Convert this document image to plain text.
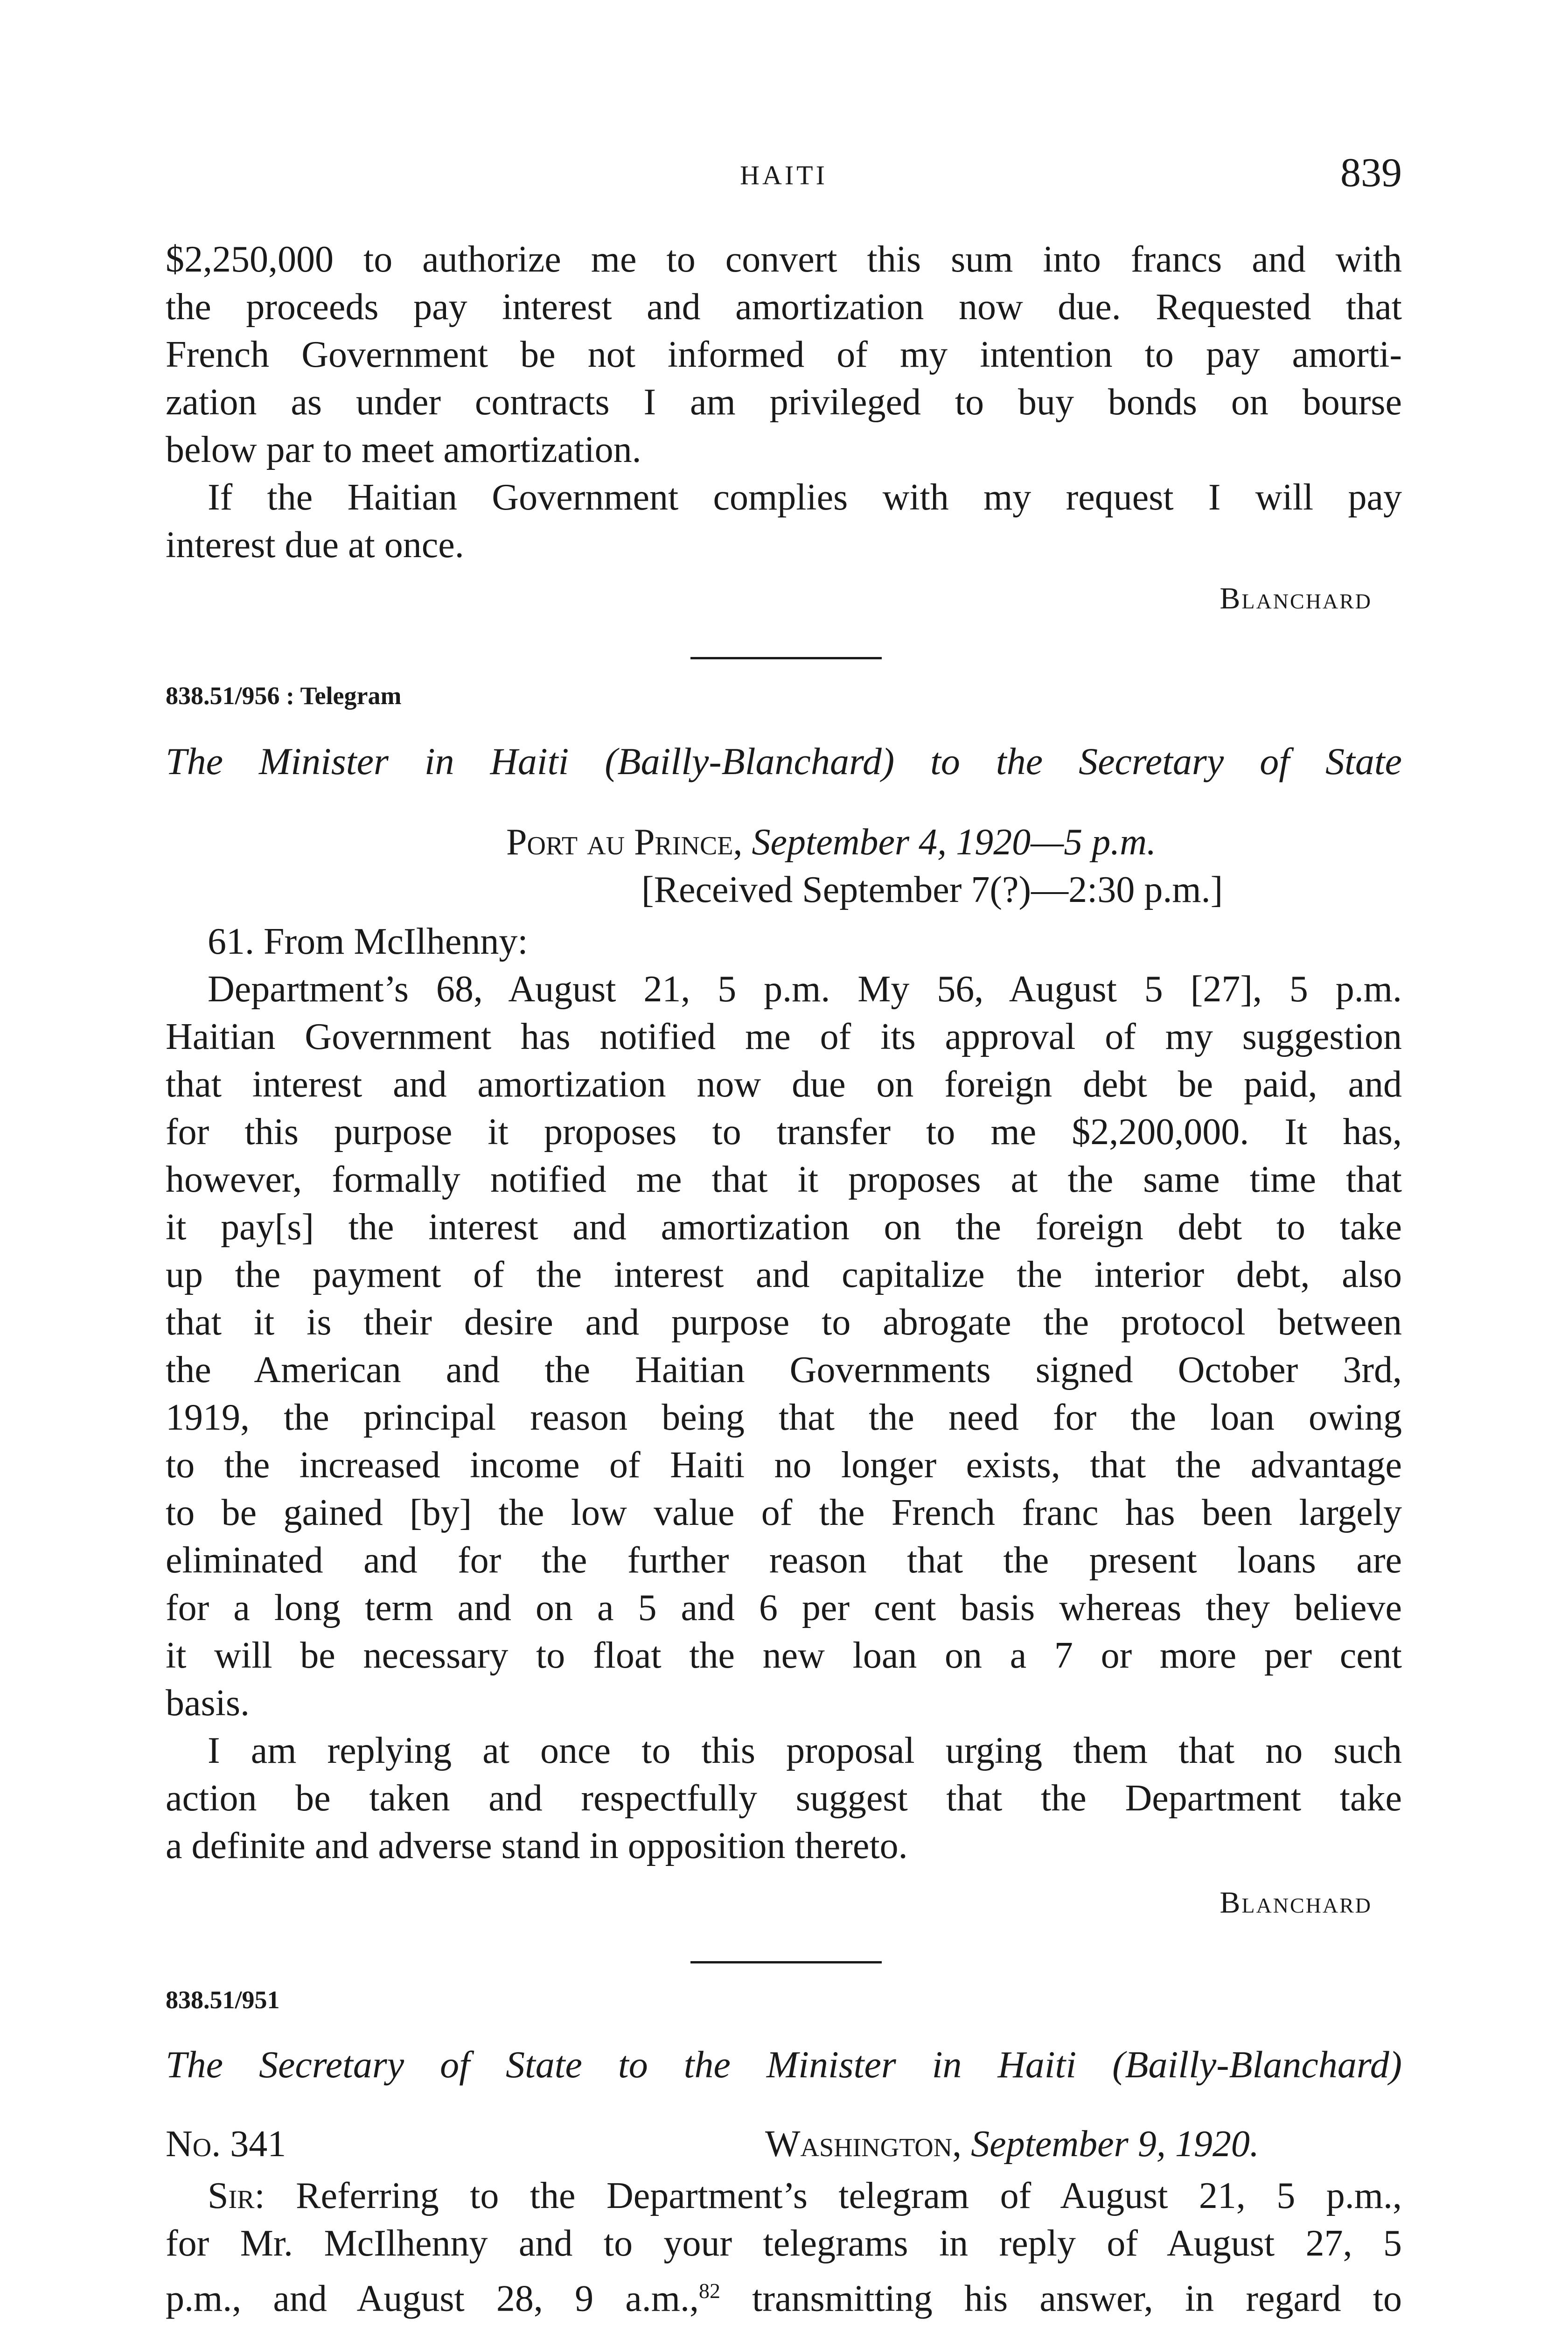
HAITI	839

$2,250,000 to authorize me to convert this sum into francs and with

the proceeds pay interest and amortization now due. Requested that

French Government be not informed of my intention to pay amorti-

zation as under contracts I am privileged to buy bonds on bourse

below par to meet amortization.

If the Haitian Government complies with my request I will pay

interest due at once.

Blanchard
838.51/956 : Telegram
The Minister in Haiti (Bailly-Blanchard) to the Secretary of State
Port au Prince, September 4, 1920—5 p.m.
[Received September 7(?)—2:30 p.m.]

61. From McIlhenny:

Department’s 68, August 21, 5 p.m. My 56, August 5 [27], 5 p.m.

Haitian Government has notified me of its approval of my suggestion

that interest and amortization now due on foreign debt be paid, and

for this purpose it proposes to transfer to me $2,200,000. It has,

however, formally notified me that it proposes at the same time that

it pay[s] the interest and amortization on the foreign debt to take

up the payment of the interest and capitalize the interior debt, also

that it is their desire and purpose to abrogate the protocol between

the American and the Haitian Governments signed October 3rd,

1919, the principal reason being that the need for the loan owing

to the increased income of Haiti no longer exists, that the advantage

to be gained [by] the low value of the French franc has been largely

eliminated and for the further reason that the present loans are

for a long term and on a 5 and 6 per cent basis whereas they believe

it will be necessary to float the new loan on a 7 or more per cent

basis.

I am replying at once to this proposal urging them that no such

action be taken and respectfully suggest that the Department take

a definite and adverse stand in opposition thereto.

Blanchard
838.51/951
The Secretary of State to the Minister in Haiti (Bailly-Blanchard)
No. 341	Washington, September 9, 1920.

Sir: Referring to the Department’s telegram of August 21, 5 p.m.,

for Mr. McIlhenny and to your telegrams in reply of August 27, 5

p.m., and August 28, 9 a.m.,$^{82}$ transmitting his answer, in regard to
